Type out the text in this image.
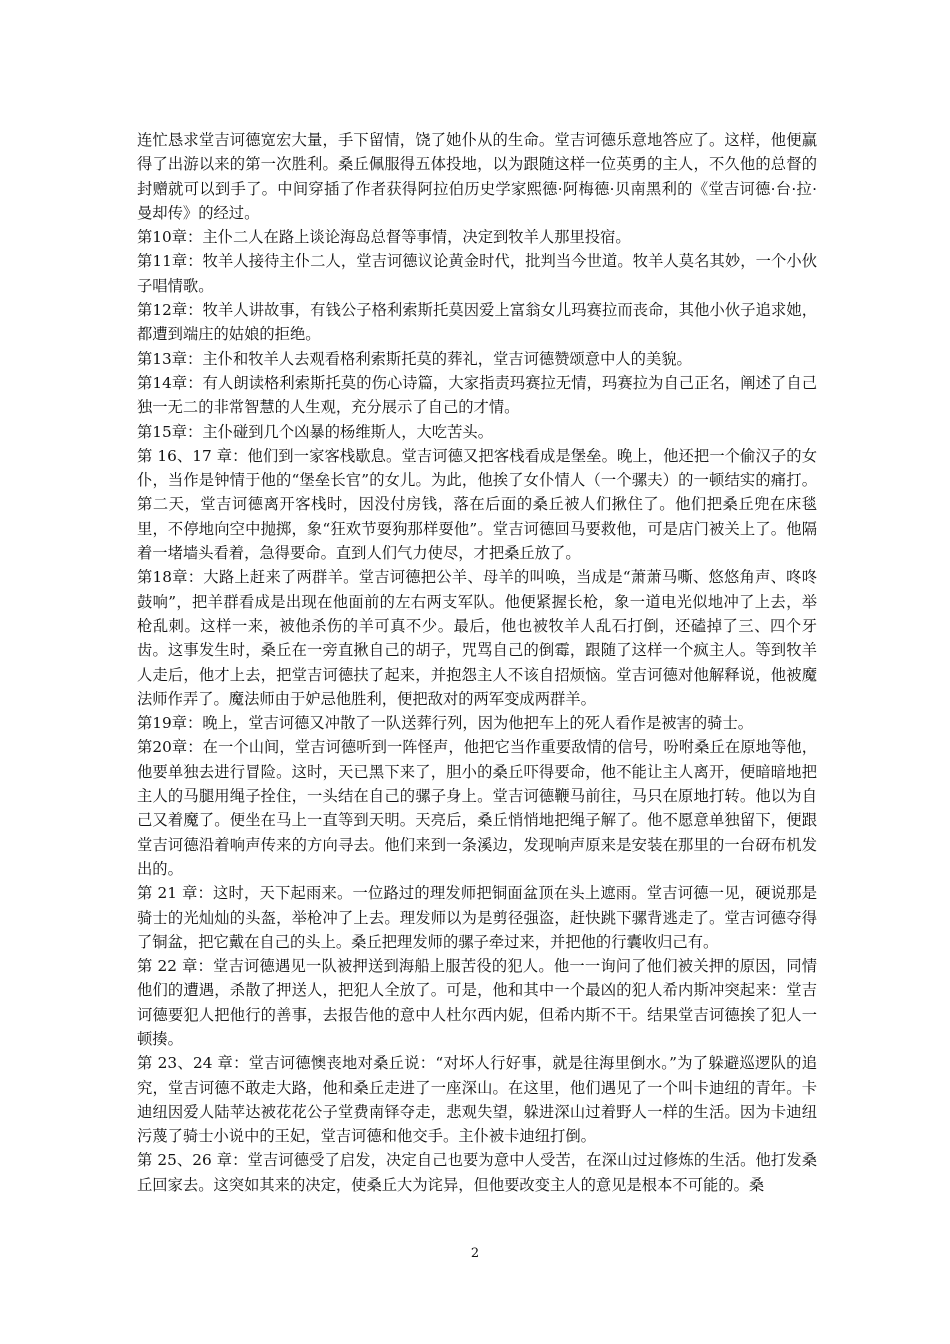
连忙恳求堂吉诃德宽宏大量，手下留情，饶了她仆从的生命。堂吉诃德乐意地答应了。这样，他便赢得了出游以来的第一次胜利。桑丘佩服得五体投地，以为跟随这样一位英勇的主人，不久他的总督的封赠就可以到手了。中间穿插了作者获得阿拉伯历史学家熙德·阿梅德·贝南黑利的《堂吉诃德·台·拉·曼却传》的经过。

第10章：主仆二人在路上谈论海岛总督等事情，决定到牧羊人那里投宿。

第11章：牧羊人接待主仆二人，堂吉诃德议论黄金时代，批判当今世道。牧羊人莫名其妙，一个小伙子唱情歌。

第12章：牧羊人讲故事，有钱公子格利索斯托莫因爱上富翁女儿玛赛拉而丧命，其他小伙子追求她，都遭到端庄的姑娘的拒绝。

第13章：主仆和牧羊人去观看格利索斯托莫的葬礼，堂吉诃德赞颂意中人的美貌。

第14章：有人朗读格利索斯托莫的伤心诗篇，大家指责玛赛拉无情，玛赛拉为自己正名，阐述了自己独一无二的非常智慧的人生观，充分展示了自己的才情。

第15章：主仆碰到几个凶暴的杨维斯人，大吃苦头。

第 16、17 章：他们到一家客栈歇息。堂吉诃德又把客栈看成是堡垒。晚上，他还把一个偷汉子的女仆，当作是钟情于他的“堡垒长官”的女儿。为此，他挨了女仆情人（一个骡夫）的一顿结实的痛打。第二天，堂吉诃德离开客栈时，因没付房钱，落在后面的桑丘被人们揪住了。他们把桑丘兜在床毯里，不停地向空中抛掷，象“狂欢节耍狗那样耍他”。堂吉诃德回马要救他，可是店门被关上了。他隔着一堵墙头看着，急得要命。直到人们气力使尽，才把桑丘放了。

第18章：大路上赶来了两群羊。堂吉诃德把公羊、母羊的叫唤，当成是“萧萧马嘶、悠悠角声、咚咚鼓响”，把羊群看成是出现在他面前的左右两支军队。他便紧握长枪，象一道电光似地冲了上去，举枪乱刺。这样一来，被他杀伤的羊可真不少。最后，他也被牧羊人乱石打倒，还磕掉了三、四个牙齿。这事发生时，桑丘在一旁直揪自己的胡子，咒骂自己的倒霉，跟随了这样一个疯主人。等到牧羊人走后，他才上去，把堂吉诃德扶了起来，并抱怨主人不该自招烦恼。堂吉诃德对他解释说，他被魔法师作弄了。魔法师由于妒忌他胜利，便把敌对的两军变成两群羊。

第19章：晚上，堂吉诃德又冲散了一队送葬行列，因为他把车上的死人看作是被害的骑士。

第20章：在一个山间，堂吉诃德听到一阵怪声，他把它当作重要敌情的信号，吩咐桑丘在原地等他，他要单独去进行冒险。这时，天已黑下来了，胆小的桑丘吓得要命，他不能让主人离开，便暗暗地把主人的马腿用绳子拴住，一头结在自己的骡子身上。堂吉诃德鞭马前往，马只在原地打转。他以为自己又着魔了。便坐在马上一直等到天明。天亮后，桑丘悄悄地把绳子解了。他不愿意单独留下，便跟堂吉诃德沿着响声传来的方向寻去。他们来到一条溪边，发现响声原来是安装在那里的一台砑布机发出的。

第 21 章：这时，天下起雨来。一位路过的理发师把铜面盆顶在头上遮雨。堂吉诃德一见，硬说那是骑士的光灿灿的头盔，举枪冲了上去。理发师以为是剪径强盗，赶快跳下骡背逃走了。堂吉诃德夺得了铜盆，把它戴在自己的头上。桑丘把理发师的骡子牵过来，并把他的行囊收归己有。

第 22 章：堂吉诃德遇见一队被押送到海船上服苦役的犯人。他一一询问了他们被关押的原因，同情他们的遭遇，杀散了押送人，把犯人全放了。可是，他和其中一个最凶的犯人希内斯冲突起来：堂吉诃德要犯人把他行的善事，去报告他的意中人杜尔西内妮，但希内斯不干。结果堂吉诃德挨了犯人一顿揍。

第 23、24 章：堂吉诃德懊丧地对桑丘说：“对坏人行好事，就是往海里倒水。”为了躲避巡逻队的追究，堂吉诃德不敢走大路，他和桑丘走进了一座深山。在这里，他们遇见了一个叫卡迪纽的青年。卡迪纽因爱人陆苹达被花花公子堂费南铎夺走，悲观失望，躲进深山过着野人一样的生活。因为卡迪纽污蔑了骑士小说中的王妃，堂吉诃德和他交手。主仆被卡迪纽打倒。

第 25、26 章：堂吉诃德受了启发，决定自己也要为意中人受苦，在深山过过修炼的生活。他打发桑丘回家去。这突如其来的决定，使桑丘大为诧异，但他要改变主人的意见是根本不可能的。桑

2
